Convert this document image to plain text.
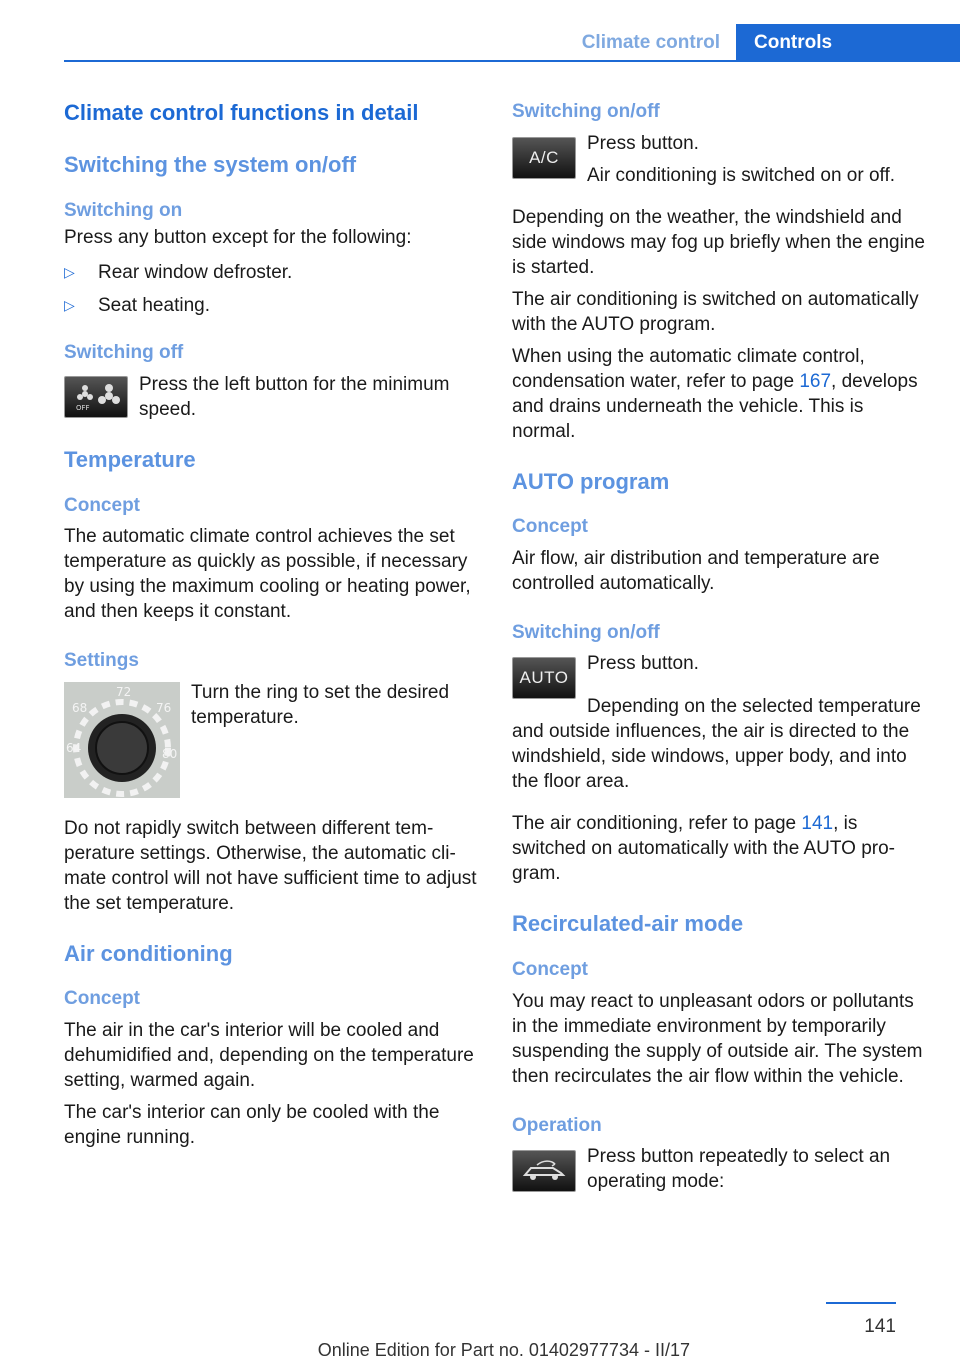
Climate control	Controls
Climate control functions in detail
Switching the system on/off
Switching on

Press any button except for the following:

▷ Rear window defroster.
▷ Seat heating.
Switching off
OFF

Press the left button for the minimum speed.

Temperature
Concept

The automatic climate control achieves the set temperature as quickly as possible, if necessary by using the maximum cooling or heating power, and then keeps it constant.

Settings
72
68	76
64	80

Turn the ring to set the desired temperature.

Do not rapidly switch between different temperature settings. Otherwise, the automatic climate control will not have sufficient time to adjust the set temperature.

Air conditioning
Concept

The air in the car's interior will be cooled and dehumidified and, depending on the temperature setting, warmed again.

The car's interior can only be cooled with the engine running.

Switching on/off
A/C

Press button.

Air conditioning is switched on or off.

Depending on the weather, the windshield and side windows may fog up briefly when the engine is started.

The air conditioning is switched on automatically with the AUTO program.

When using the automatic climate control, condensation water, refer to page 167, develops and drains underneath the vehicle. This is normal.

AUTO program
Concept

Air flow, air distribution and temperature are controlled automatically.

Switching on/off
AUTO

Press button.

Depending on the selected temperature and outside influences, the air is directed to the windshield, side windows, upper body, and into the floor area.

The air conditioning, refer to page 141, is switched on automatically with the AUTO program.

Recirculated-air mode
Concept

You may react to unpleasant odors or pollutants in the immediate environment by temporarily suspending the supply of outside air. The system then recirculates the air flow within the vehicle.

Operation

Press button repeatedly to select an operating mode:

141
Online Edition for Part no. 01402977734 - II/17
